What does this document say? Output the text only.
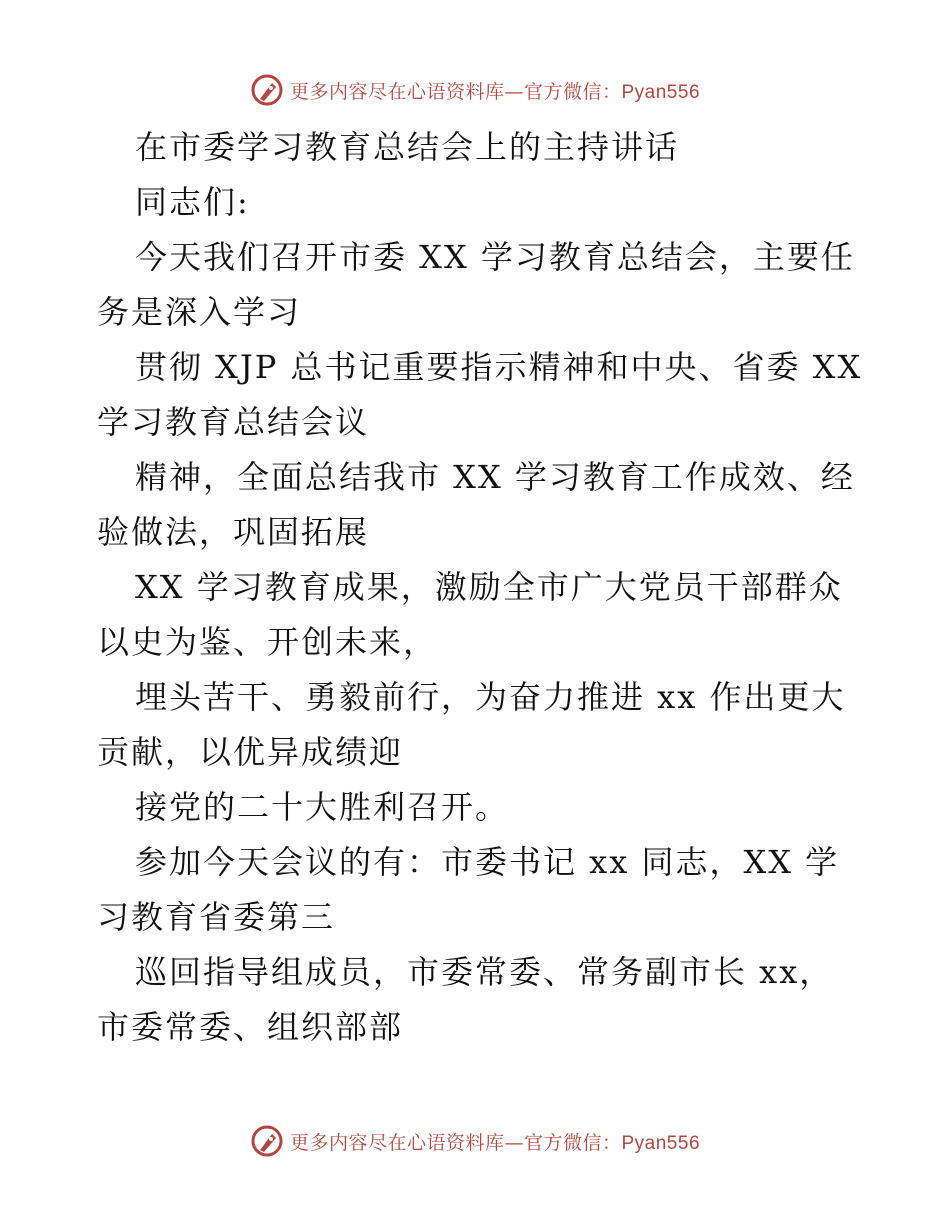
更多内容尽在心语资料库—官方微信：Pyan556
在市委学习教育总结会上的主持讲话
同志们:
今天我们召开市委 XX 学习教育总结会，主要任
务是深入学习
贯彻 XJP 总书记重要指示精神和中央、省委 XX
学习教育总结会议
精神，全面总结我市 XX 学习教育工作成效、经
验做法，巩固拓展
XX 学习教育成果，激励全市广大党员干部群众
以史为鉴、开创未来，
埋头苦干、勇毅前行，为奋力推进 xx 作出更大
贡献，以优异成绩迎
接党的二十大胜利召开。
参加今天会议的有：市委书记 xx 同志，XX 学
习教育省委第三
巡回指导组成员，市委常委、常务副市长 xx，
市委常委、组织部部
更多内容尽在心语资料库—官方微信：Pyan556
